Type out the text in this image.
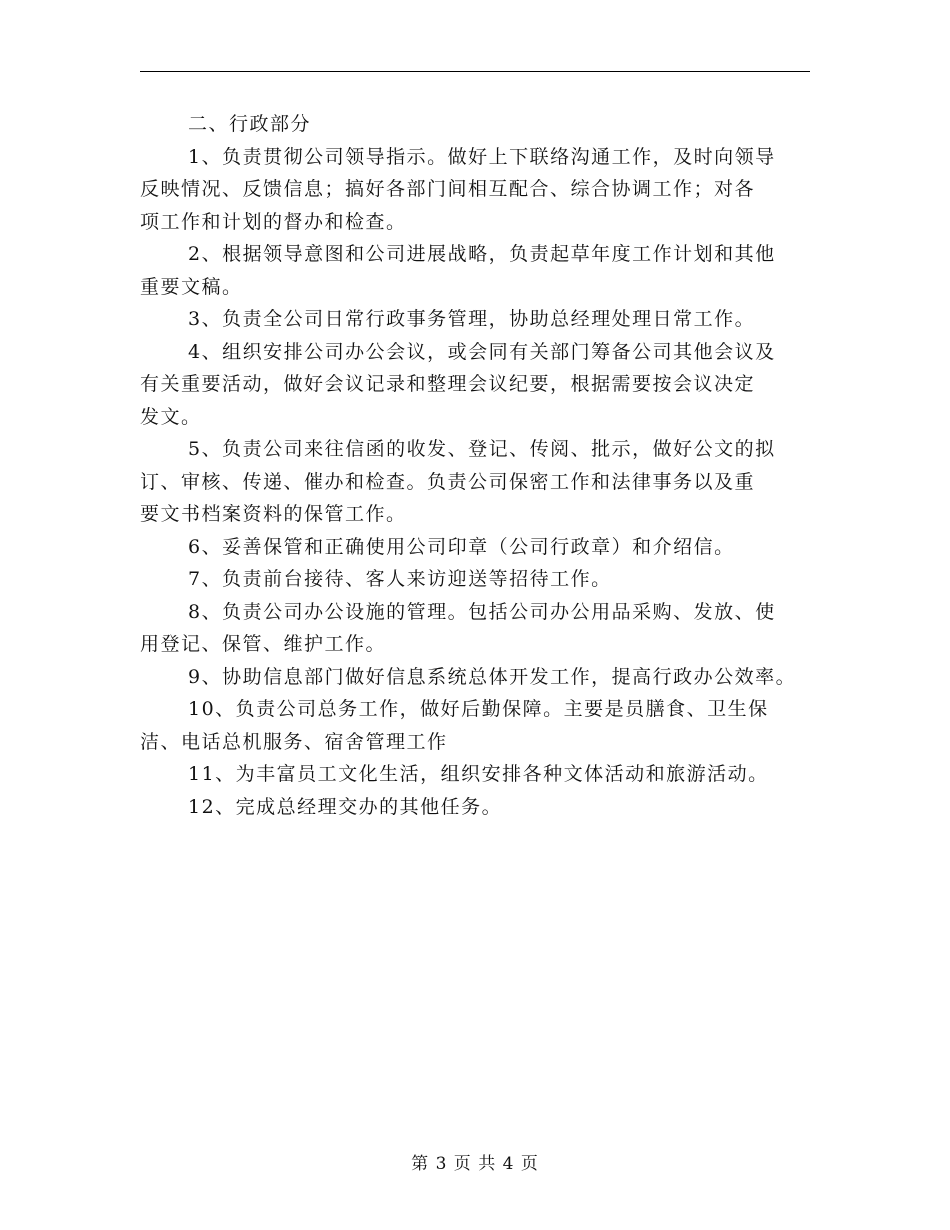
二、行政部分

1、负责贯彻公司领导指示。做好上下联络沟通工作，及时向领导
反映情况、反馈信息；搞好各部门间相互配合、综合协调工作；对各
项工作和计划的督办和检查。

2、根据领导意图和公司进展战略，负责起草年度工作计划和其他
重要文稿。

3、负责全公司日常行政事务管理，协助总经理处理日常工作。

4、组织安排公司办公会议，或会同有关部门筹备公司其他会议及
有关重要活动，做好会议记录和整理会议纪要，根据需要按会议决定
发文。

5、负责公司来往信函的收发、登记、传阅、批示，做好公文的拟
订、审核、传递、催办和检查。负责公司保密工作和法律事务以及重
要文书档案资料的保管工作。

6、妥善保管和正确使用公司印章（公司行政章）和介绍信。

7、负责前台接待、客人来访迎送等招待工作。

8、负责公司办公设施的管理。包括公司办公用品采购、发放、使
用登记、保管、维护工作。

9、协助信息部门做好信息系统总体开发工作，提高行政办公效率。

10、负责公司总务工作，做好后勤保障。主要是员膳食、卫生保
洁、电话总机服务、宿舍管理工作

11、为丰富员工文化生活，组织安排各种文体活动和旅游活动。

12、完成总经理交办的其他任务。

第 3 页 共 4 页
